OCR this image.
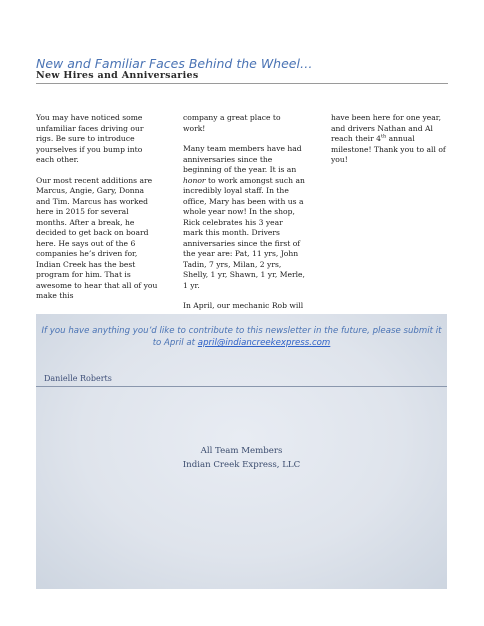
New and Familiar Faces Behind the Wheel…
New Hires and Anniversaries

You may have noticed some unfamiliar faces driving our rigs. Be sure to introduce yourselves if you bump into each other.

Our most recent additions are Marcus, Angie, Gary, Donna and Tim. Marcus has worked here in 2015 for several months. After a break, he decided to get back on board here. He says out of the 6 companies he’s driven for, Indian Creek has the best program for him. That is awesome to hear that all of you make this

company a great place to work!

Many team members have had anniversaries since the beginning of the year. It is an honor to work amongst such an incredibly loyal staff. In the office, Mary has been with us a whole year now! In the shop, Rick celebrates his 3 year mark this month. Drivers anniversaries since the first of the year are: Pat, 11 yrs, John Tadin, 7 yrs, Milan, 2 yrs, Shelly, 1 yr, Shawn, 1 yr, Merle, 1 yr.

In April, our mechanic Rob will

have been here for one year, and drivers Nathan and Al reach their 4th annual milestone! Thank you to all of you!

If you have anything you’d like to contribute to this newsletter in the future, please submit it to April at april@indiancreekexpress.com
Danielle Roberts
All Team Members
Indian Creek Express, LLC
